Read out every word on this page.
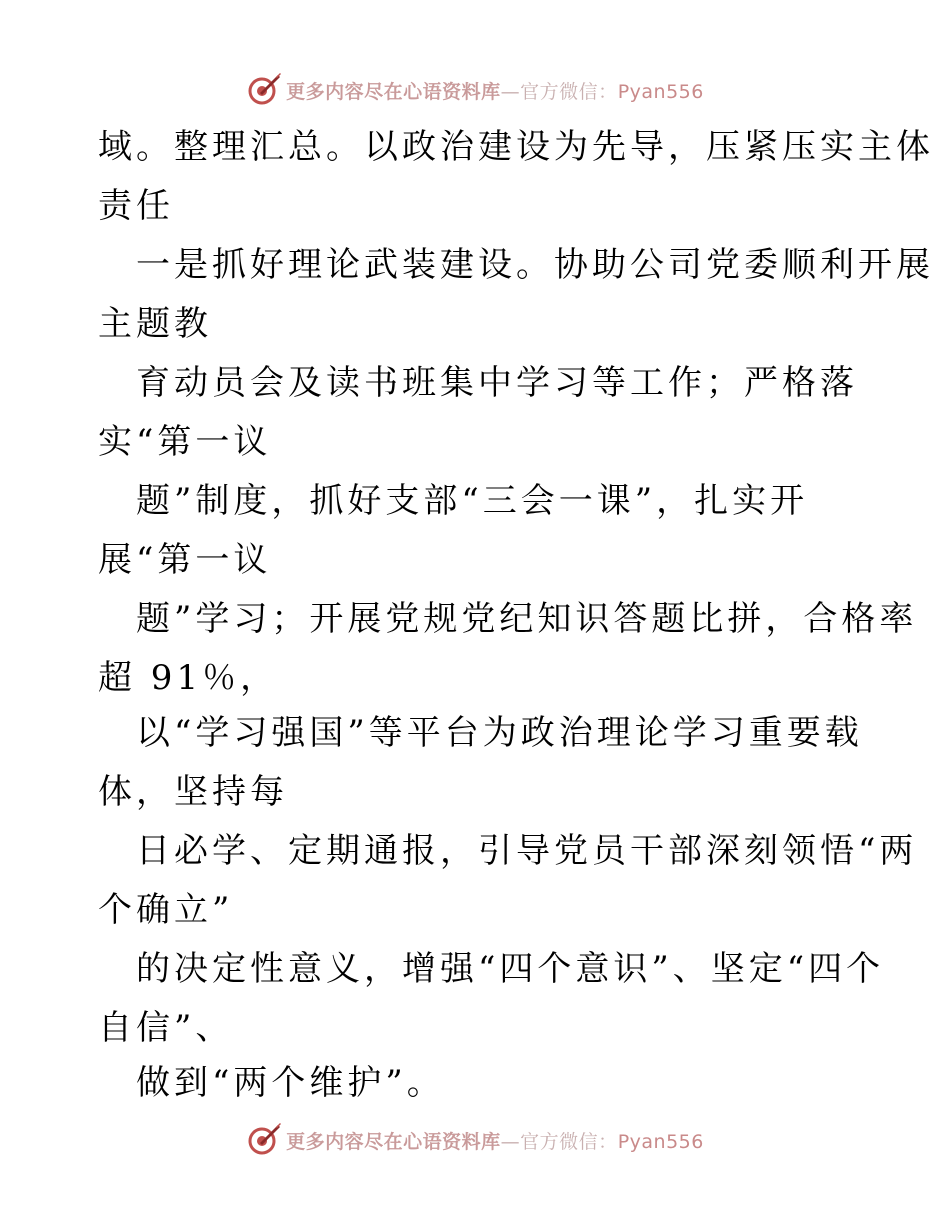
更多内容尽在心语资料库—官方微信：Pyan556
域。整理汇总。以政治建设为先导，压紧压实主体
责任
一是抓好理论武装建设。协助公司党委顺利开展
主题教
育动员会及读书班集中学习等工作；严格落
实“第一议
题”制度，抓好支部“三会一课”，扎实开
展“第一议
题”学习；开展党规党纪知识答题比拼，合格率
超 91％，
以“学习强国”等平台为政治理论学习重要载
体，坚持每
日必学、定期通报，引导党员干部深刻领悟“两
个确立”
的决定性意义，增强“四个意识”、坚定“四个
自信”、
做到“两个维护”。
更多内容尽在心语资料库—官方微信：Pyan556
